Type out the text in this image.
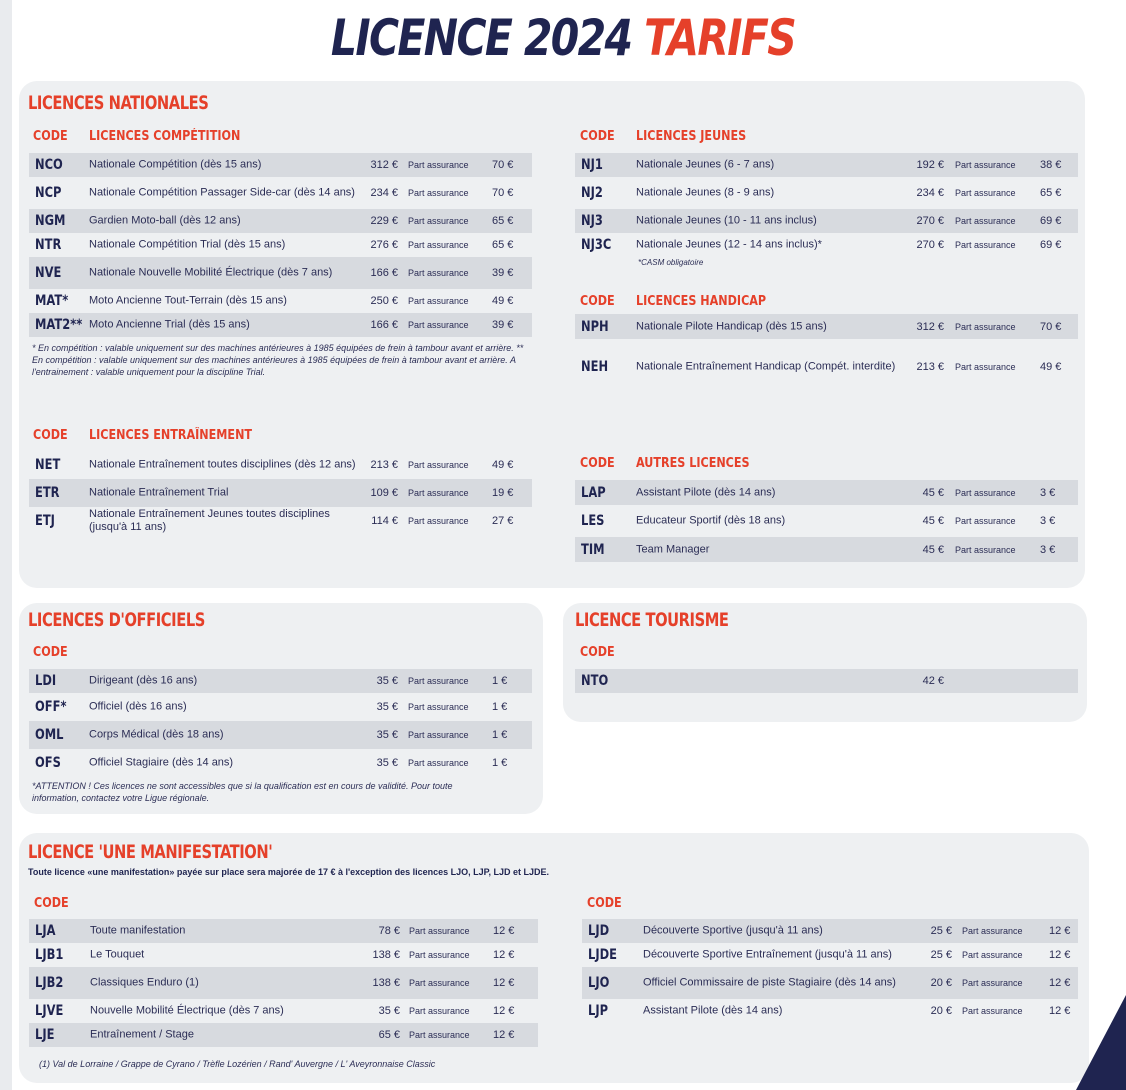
LICENCE 2024 TARIFS
LICENCES NATIONALES
CODE LICENCES COMPÉTITION
NCO Nationale Compétition (dès 15 ans)	312 € Part assurance 70 €
NCP	Nationale Compétition Passager Side-car (dès 14 ans)	234 € Part assurance 70 €
NGM Gardien Moto-ball (dès 12 ans)	229 € Part assurance 65 €
NTR	Nationale Compétition Trial (dès 15 ans)	276 € Part assurance 65 €
NVE	Nationale Nouvelle Mobilité Électrique (dès 7 ans)	166 € Part assurance 39 €
MAT* Moto Ancienne Tout-Terrain (dès 15 ans)	250 € Part assurance 49 €
MAT2** Moto Ancienne Trial (dès 15 ans)	166 € Part assurance 39 €
* En compétition : valable uniquement sur des machines antérieures à 1985 équipées de frein à tambour avant et arrière. ** En compétition : valable uniquement sur des machines antérieures à 1985 équipées de frein à tambour avant et arrière. A l'entrainement : valable uniquement pour la discipline Trial.
CODE LICENCES ENTRAÎNEMENT
NET	Nationale Entraînement toutes disciplines (dès 12 ans)	213 € Part assurance 49 €
ETR	Nationale Entraînement Trial	109 € Part assurance 19 €
ETJ	Nationale Entraînement Jeunes toutes disciplines (jusqu'à 11 ans)	114 € Part assurance 27 €
CODE LICENCES JEUNES
NJ1	Nationale Jeunes (6 - 7 ans)	192 € Part assurance 38 €
NJ2	Nationale Jeunes (8 - 9 ans)	234 € Part assurance 65 €
NJ3	Nationale Jeunes (10 - 11 ans inclus)	270 € Part assurance 69 €
NJ3C Nationale Jeunes (12 - 14 ans inclus)*	270 € Part assurance 69 €
*CASM obligatoire
CODE LICENCES HANDICAP
NPH Nationale Pilote Handicap (dès 15 ans)	312 € Part assurance 70 €
NEH	Nationale Entraînement Handicap (Compét. interdite)	213 € Part assurance 49 €
CODE AUTRES LICENCES
LAP	Assistant Pilote (dès 14 ans)	45 € Part assurance 3 €
LES	Educateur Sportif (dès 18 ans)	45 € Part assurance 3 €
TIM	Team Manager	45 € Part assurance 3 €
LICENCES D'OFFICIELS
CODE
LDI	Dirigeant (dès 16 ans)	35 € Part assurance 1 €
OFF* Officiel (dès 16 ans)	35 € Part assurance 1 €
OML Corps Médical (dès 18 ans)	35 € Part assurance 1 €
OFS	Officiel Stagiaire (dès 14 ans)	35 € Part assurance 1 €
*ATTENTION ! Ces licences ne sont accessibles que si la qualification est en cours de validité. Pour toute information, contactez votre Ligue régionale.
LICENCE TOURISME
CODE
NTO	42 €
LICENCE 'UNE MANIFESTATION'
Toute licence «une manifestation» payée sur place sera majorée de 17 € à l'exception des licences LJO, LJP, LJD et LJDE.
CODE	CODE
LJA	Toute manifestation	78 € Part assurance 12 €
LJB1 Le Touquet	138 € Part assurance 12 €
LJB2 Classiques Enduro (1)	138 € Part assurance 12 €
LJVE Nouvelle Mobilité Électrique (dès 7 ans)	35 € Part assurance 12 €
LJE	Entraînement / Stage	65 € Part assurance 12 €
LJD	Découverte Sportive (jusqu'à 11 ans)	25 € Part assurance 12 €
LJDE Découverte Sportive Entraînement (jusqu'à 11 ans)	25 € Part assurance 12 €
LJO	Officiel Commissaire de piste Stagiaire (dès 14 ans)	20 € Part assurance 12 €
LJP	Assistant Pilote (dès 14 ans)	20 € Part assurance 12 €
(1) Val de Lorraine / Grappe de Cyrano / Trèfle Lozérien / Rand' Auvergne / L' Aveyronnaise Classic
